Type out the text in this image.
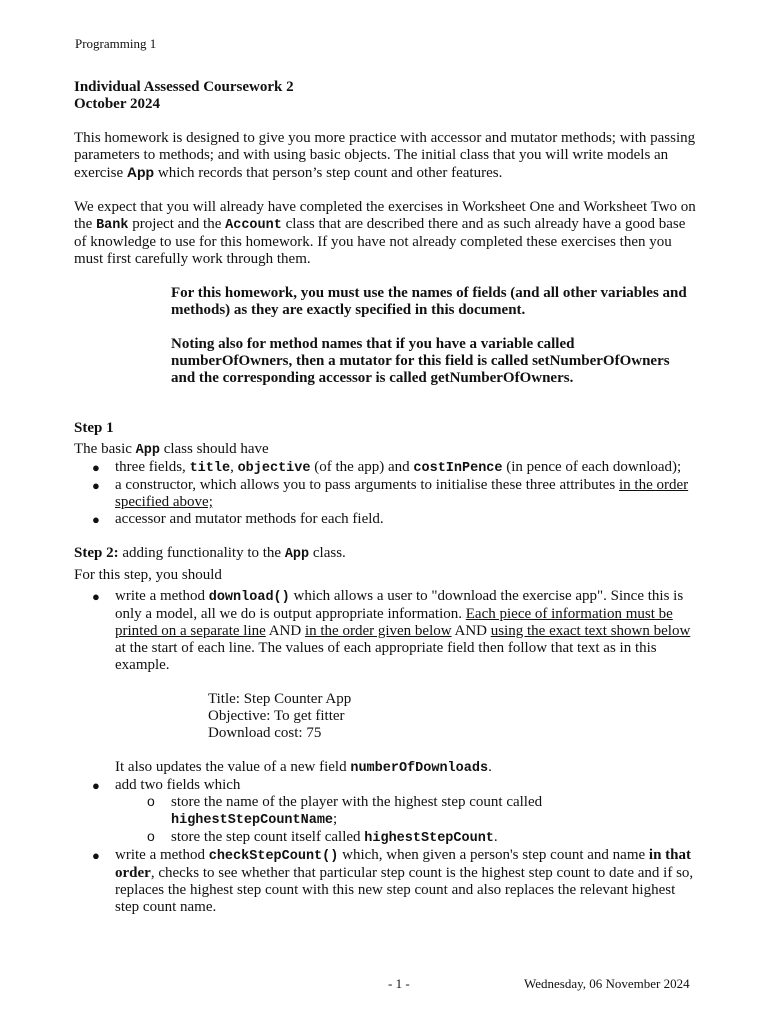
Programming 1

Individual Assessed Coursework 2

October 2024

This homework is designed to give you more practice with accessor and mutator methods; with passing parameters to methods; and with using basic objects. The initial class that you will write models an exercise App which records that person’s step count and other features.

We expect that you will already have completed the exercises in Worksheet One and Worksheet Two on the Bank project and the Account class that are described there and as such already have a good base of knowledge to use for this homework. If you have not already completed these exercises then you must first carefully work through them.

For this homework, you must use the names of fields (and all other variables and methods) as they are exactly specified in this document.

Noting also for method names that if you have a variable called numberOfOwners, then a mutator for this field is called setNumberOfOwners and the corresponding accessor is called getNumberOfOwners.

Step 1

The basic App class should have

● three fields, title, objective (of the app) and costInPence (in pence of each download);
● a constructor, which allows you to pass arguments to initialise these three attributes in the order specified above;
● accessor and mutator methods for each field.

Step 2: adding functionality to the App class.

For this step, you should

● write a method download() which allows a user to "download the exercise app". Since this is only a model, all we do is output appropriate information. Each piece of information must be printed on a separate line AND in the order given below AND using the exact text shown below at the start of each line. The values of each appropriate field then follow that text as in this example.
Title: Step Counter App
Objective: To get fitter
Download cost: 75
It also updates the value of a new field numberOfDownloads.
● add two fields which
o store the name of the player with the highest step count called
highestStepCountName;
o store the step count itself called highestStepCount.
● write a method checkStepCount() which, when given a person's step count and name in that order, checks to see whether that particular step count is the highest step count to date and if so, replaces the highest step count with this new step count and also replaces the relevant highest step count name.
- 1 -	Wednesday, 06 November 2024
